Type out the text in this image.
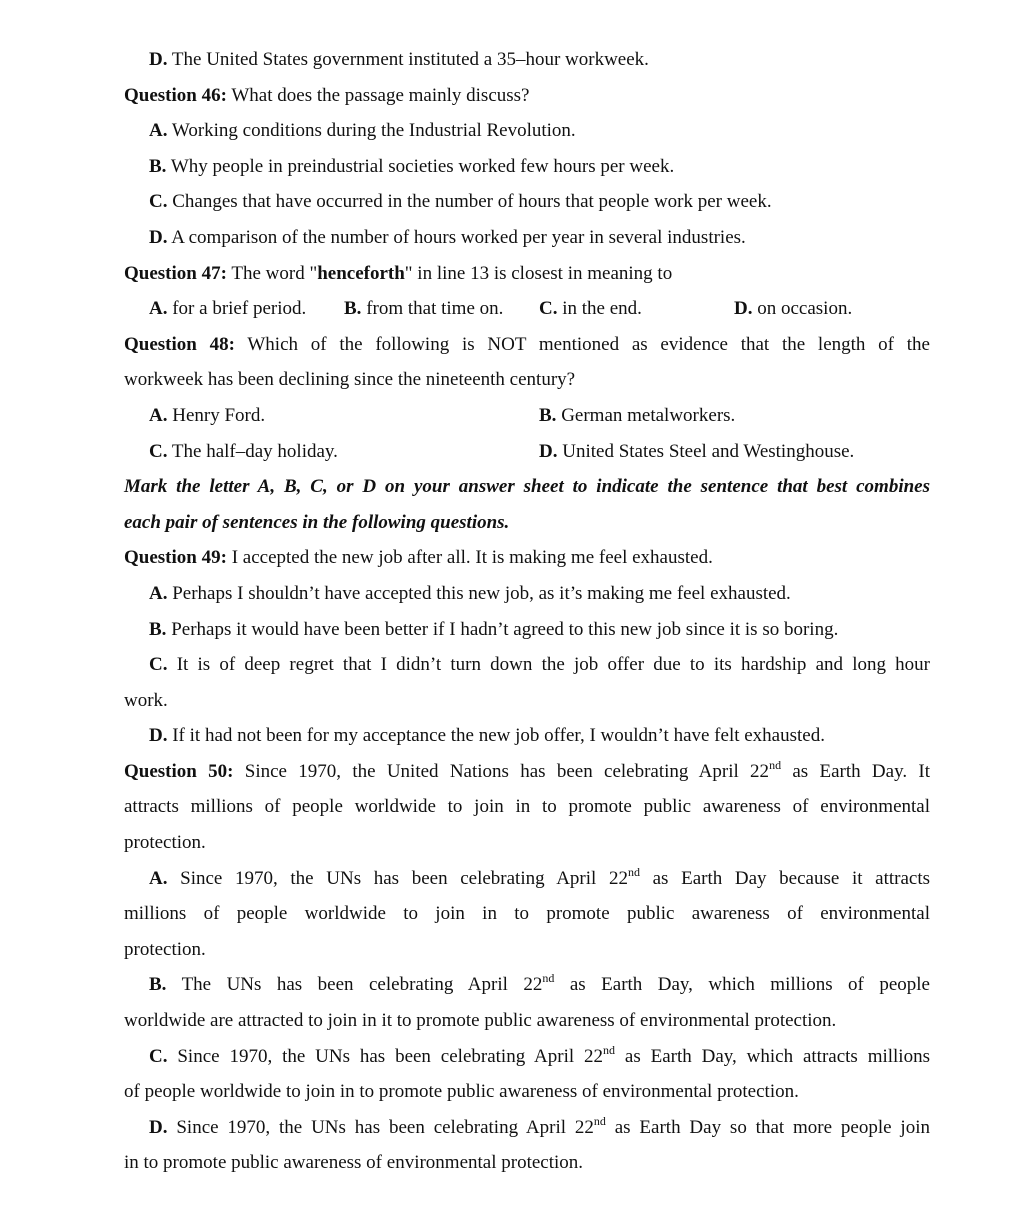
D. The United States government instituted a 35–hour workweek.
Question 46: What does the passage mainly discuss?
A. Working conditions during the Industrial Revolution.
B. Why people in preindustrial societies worked few hours per week.
C. Changes that have occurred in the number of hours that people work per week.
D. A comparison of the number of hours worked per year in several industries.
Question 47: The word "henceforth" in line 13 is closest in meaning to
A. for a brief period.	B. from that time on.	C. in the end.	D. on occasion.
Question 48: Which of the following is NOT mentioned as evidence that the length of the
workweek has been declining since the nineteenth century?
A. Henry Ford.	B. German metalworkers.
C. The half–day holiday.	D. United States Steel and Westinghouse.
Mark the letter A, B, C, or D on your answer sheet to indicate the sentence that best combines
each pair of sentences in the following questions.
Question 49: I accepted the new job after all. It is making me feel exhausted.
A. Perhaps I shouldn’t have accepted this new job, as it’s making me feel exhausted.
B. Perhaps it would have been better if I hadn’t agreed to this new job since it is so boring.
C. It is of deep regret that I didn’t turn down the job offer due to its hardship and long hour
work.
D. If it had not been for my acceptance the new job offer, I wouldn’t have felt exhausted.
Question 50: Since 1970, the United Nations has been celebrating April 22nd as Earth Day. It
attracts millions of people worldwide to join in to promote public awareness of environmental
protection.
A. Since 1970, the UNs has been celebrating April 22nd as Earth Day because it attracts
millions of people worldwide to join in to promote public awareness of environmental
protection.
B. The UNs has been celebrating April 22nd as Earth Day, which millions of people
worldwide are attracted to join in it to promote public awareness of environmental protection.
C. Since 1970, the UNs has been celebrating April 22nd as Earth Day, which attracts millions
of people worldwide to join in to promote public awareness of environmental protection.
D. Since 1970, the UNs has been celebrating April 22nd as Earth Day so that more people join
in to promote public awareness of environmental protection.
